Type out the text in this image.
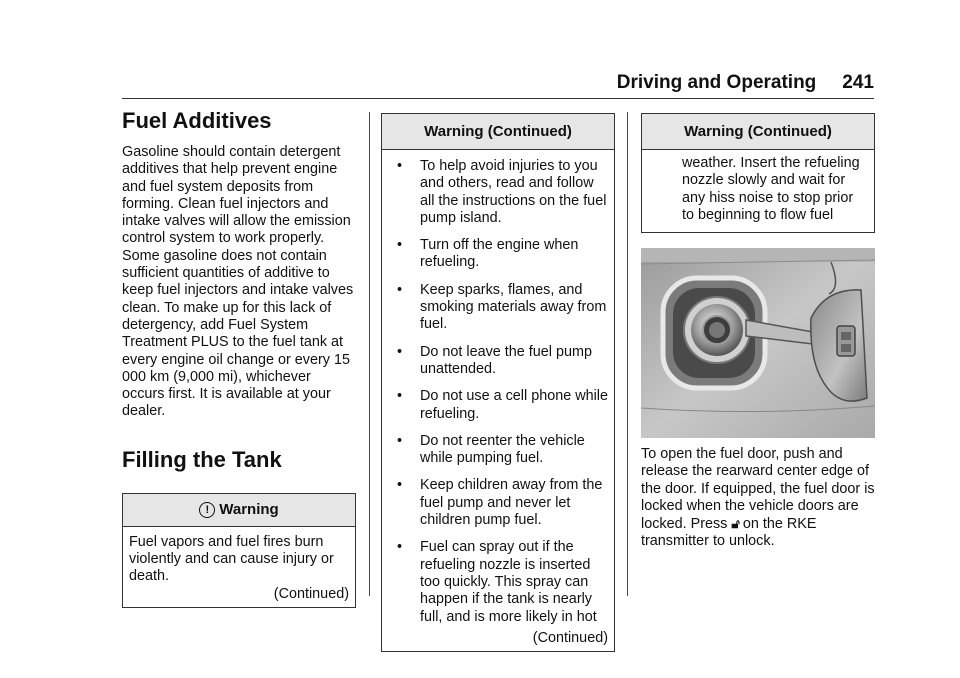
Driving and Operating 241
Fuel Additives

Gasoline should contain detergent additives that help prevent engine and fuel system deposits from forming. Clean fuel injectors and intake valves will allow the emission control system to work properly. Some gasoline does not contain sufficient quantities of additive to keep fuel injectors and intake valves clean. To make up for this lack of detergency, add Fuel System Treatment PLUS to the fuel tank at every engine oil change or every 15 000 km (9,000 mi), whichever occurs first. It is available at your dealer.

Filling the Tank
! Warning
Fuel vapors and fuel fires burn violently and can cause injury or death.
(Continued)
Warning (Continued)
• To help avoid injuries to you and others, read and follow all the instructions on the fuel pump island.
• Turn off the engine when refueling.
• Keep sparks, flames, and smoking materials away from fuel.
• Do not leave the fuel pump unattended.
• Do not use a cell phone while refueling.
• Do not reenter the vehicle while pumping fuel.
• Keep children away from the fuel pump and never let children pump fuel.
• Fuel can spray out if the refueling nozzle is inserted too quickly. This spray can happen if the tank is nearly full, and is more likely in hot
(Continued)
Warning (Continued)
weather. Insert the refueling nozzle slowly and wait for any hiss noise to stop prior to beginning to flow fuel
To open the fuel door, push and release the rearward center edge of the door. If equipped, the fuel door is locked when the vehicle doors are locked. Press 🔓︎ on the RKE transmitter to unlock.
